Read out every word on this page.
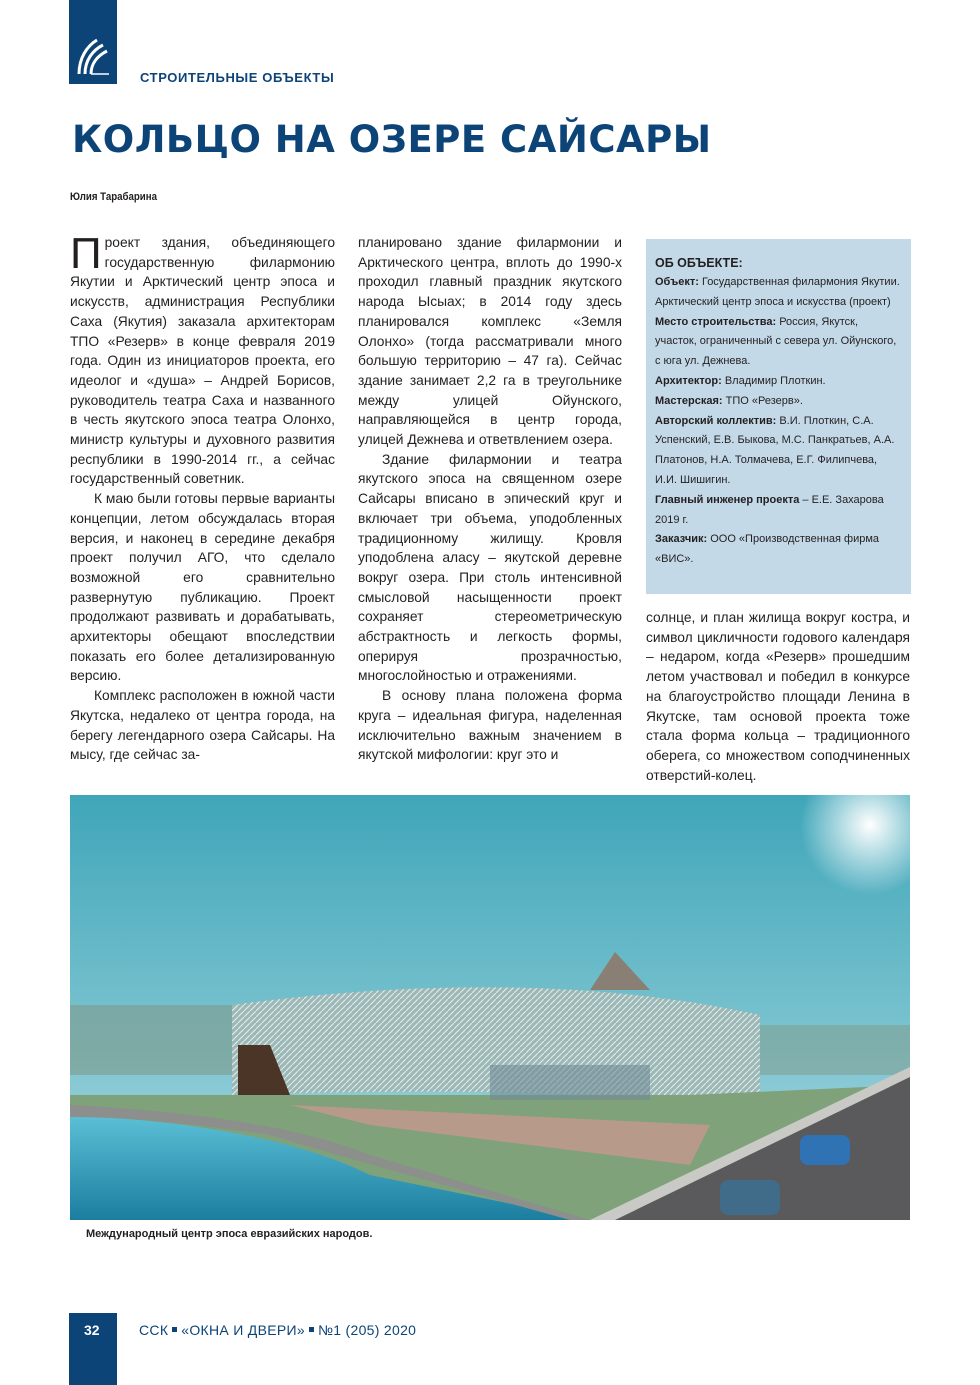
СТРОИТЕЛЬНЫЕ ОБЪЕКТЫ
КОЛЬЦО НА ОЗЕРЕ САЙСАРЫ
Юлия Тарабарина

Проект здания, объединяющего государственную филармонию Якутии и Арктический центр эпоса и искусств, администрация Республики Саха (Якутия) заказала архитекторам ТПО «Резерв» в конце февраля 2019 года. Один из инициаторов проекта, его идеолог и «душа» – Андрей Борисов, руководитель театра Саха и названного в честь якутского эпоса театра Олонхо, министр культуры и духовного развития республики в 1990-2014 гг., а сейчас государственный советник.

К маю были готовы первые варианты концепции, летом обсуждалась вторая версия, и наконец в середине декабря проект получил АГО, что сделало возможной его сравнительно развернутую публикацию. Проект продолжают развивать и дорабатывать, архитекторы обещают впоследствии показать его более детализированную версию.

Комплекс расположен в южной части Якутска, недалеко от центра города, на берегу легендарного озера Сайсары. На мысу, где сейчас за-

планировано здание филармонии и Арктического центра, вплоть до 1990-х проходил главный праздник якутского народа Ысыах; в 2014 году здесь планировался комплекс «Земля Олонхо» (тогда рассматривали много большую территорию – 47 га). Сейчас здание занимает 2,2 га в треугольнике между улицей Ойунского, направляющейся в центр города, улицей Дежнева и ответвлением озера.

Здание филармонии и театра якутского эпоса на священном озере Сайсары вписано в эпический круг и включает три объема, уподобленных традиционному жилищу. Кровля уподоблена аласу – якутской деревне вокруг озера. При столь интенсивной смысловой насыщенности проект сохраняет стереометрическую абстрактность и легкость формы, оперируя прозрачностью, многослойностью и отражениями.

В основу плана положена форма круга – идеальная фигура, наделенная исключительно важным значением в якутской мифологии: круг это и

ОБ ОБЪЕКТЕ:

Объект: Государственная филармония Якутии. Арктический центр эпоса и искусства (проект)

Место строительства: Россия, Якутск, участок, ограниченный с севера ул. Ойунского, с юга ул. Дежнева.

Архитектор: Владимир Плоткин.

Мастерская: ТПО «Резерв».

Авторский коллектив: В.И. Плоткин, С.А. Успенский, Е.В. Быкова, М.С. Панкратьев, А.А. Платонов, Н.А. Толмачева, Е.Г. Филипчева, И.И. Шишигин.

Главный инженер проекта – Е.Е. Захарова 2019 г.

Заказчик: ООО «Производственная фирма «ВИС».

солнце, и план жилища вокруг костра, и символ цикличности годового календаря – недаром, когда «Резерв» прошедшим летом участвовал и победил в конкурсе на благоустройство площади Ленина в Якутске, там основой проекта тоже стала форма кольца – традиционного оберега, со множеством соподчиненных отверстий-колец.

Международный центр эпоса евразийских народов.
32	ССК «ОКНА И ДВЕРИ» №1 (205) 2020
